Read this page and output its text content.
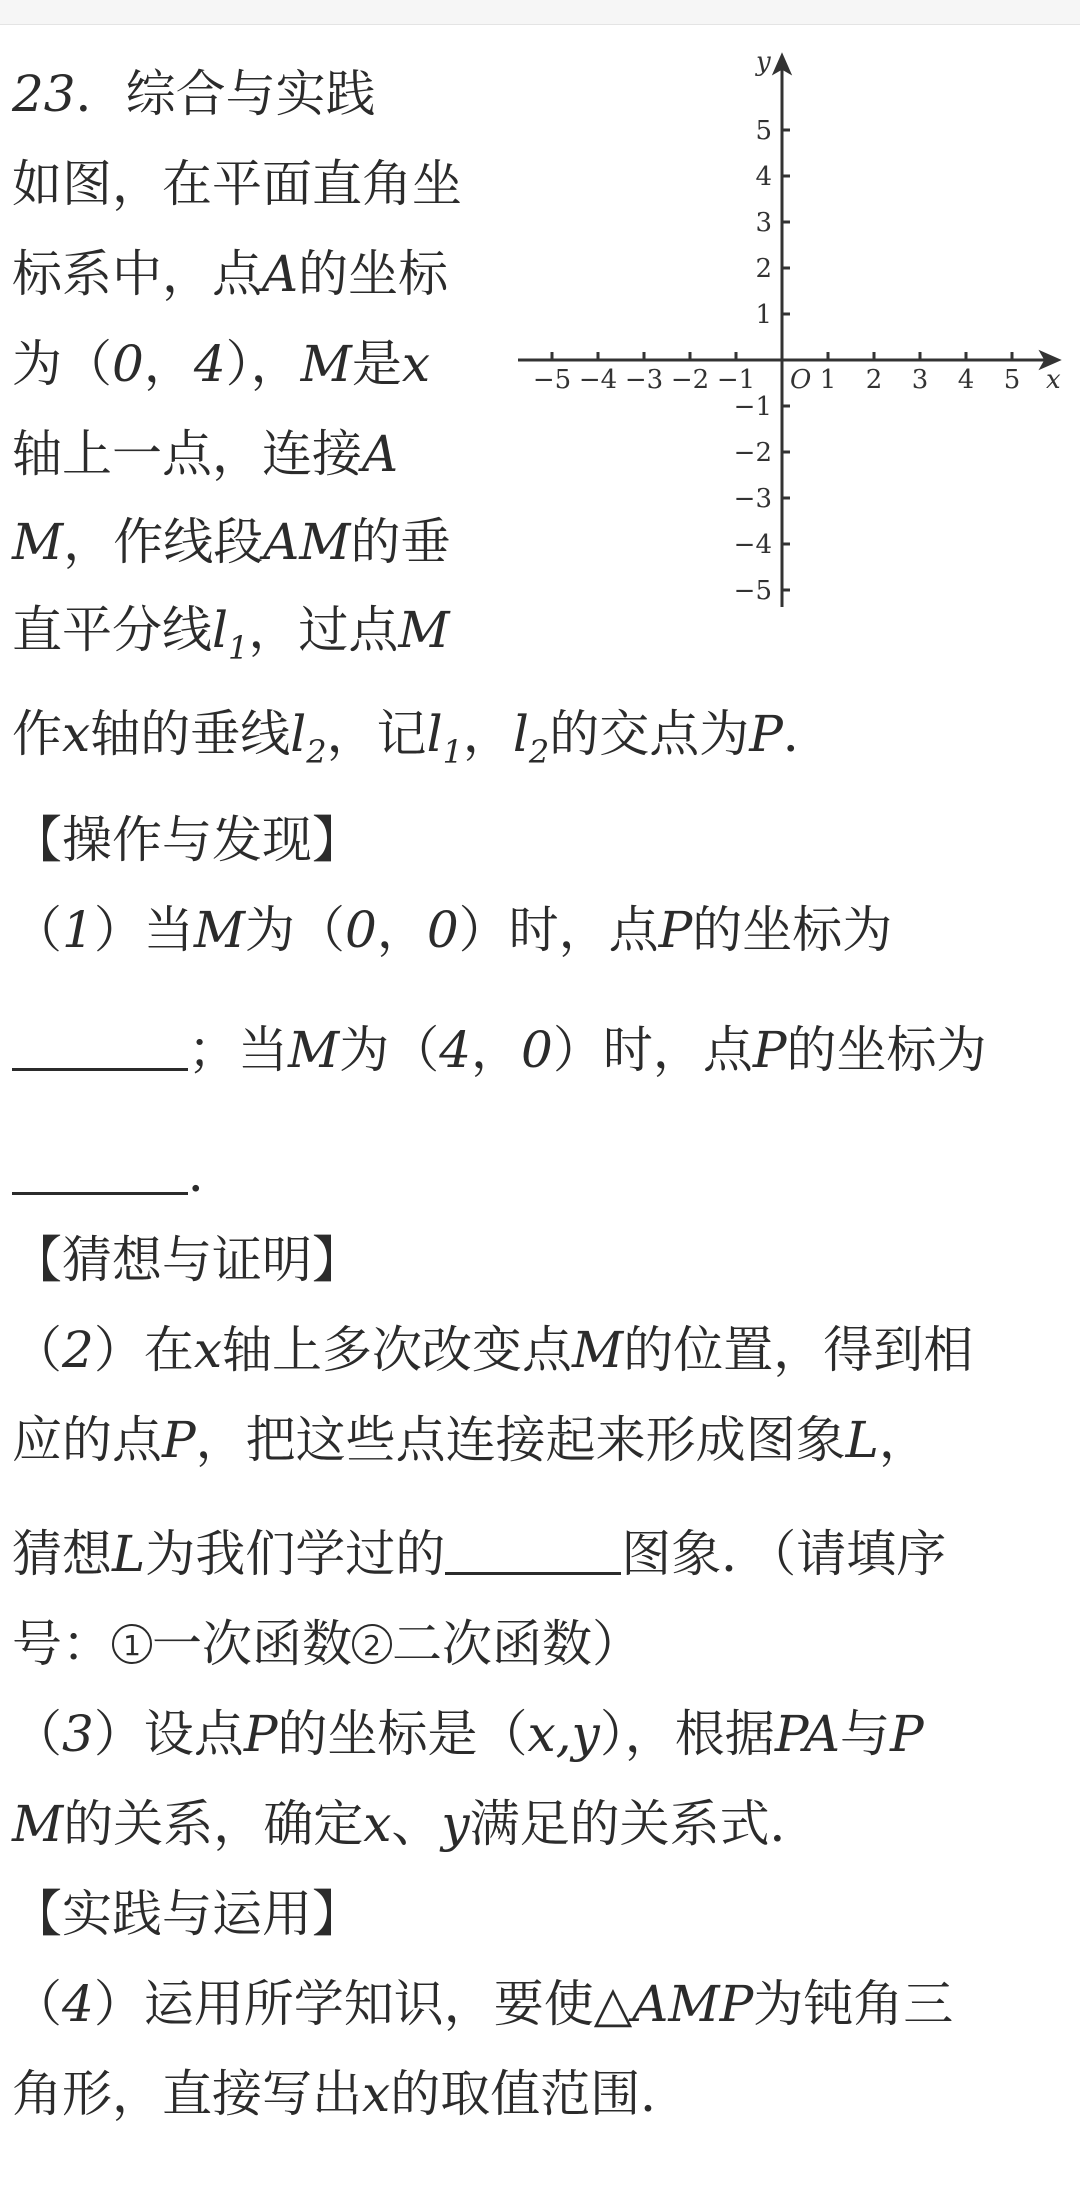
23．综合与实践
如图，在平面直角坐
标系中，点A的坐标
为（0，4），M是x
轴上一点，连接A
M，作线段AM的垂
直平分线$l_1$，过点M
作x轴的垂线$l_2$，记$l_1$，$l_2$的交点为P．
【操作与发现】
（1）当M为（0，0）时，点P的坐标为
；当M为（4，0）时，点P的坐标为
．
【猜想与证明】
（2）在x轴上多次改变点M的位置，得到相
应的点P，把这些点连接起来形成图象L，
猜想L为我们学过的	图象．（请填序
号： 1 一次函数 2 二次函数）
（3）设点P的坐标是（x,y），根据PA与P
M的关系，确定x、y满足的关系式．
【实践与运用】
（4）运用所学知识，要使△AMP为钝角三
角形，直接写出x的取值范围．
−5 −4 −3 −2 −1 1 2 3 4 5
5
4
3
2
1
−1
−2
−3
−4
−5
O	x
y
